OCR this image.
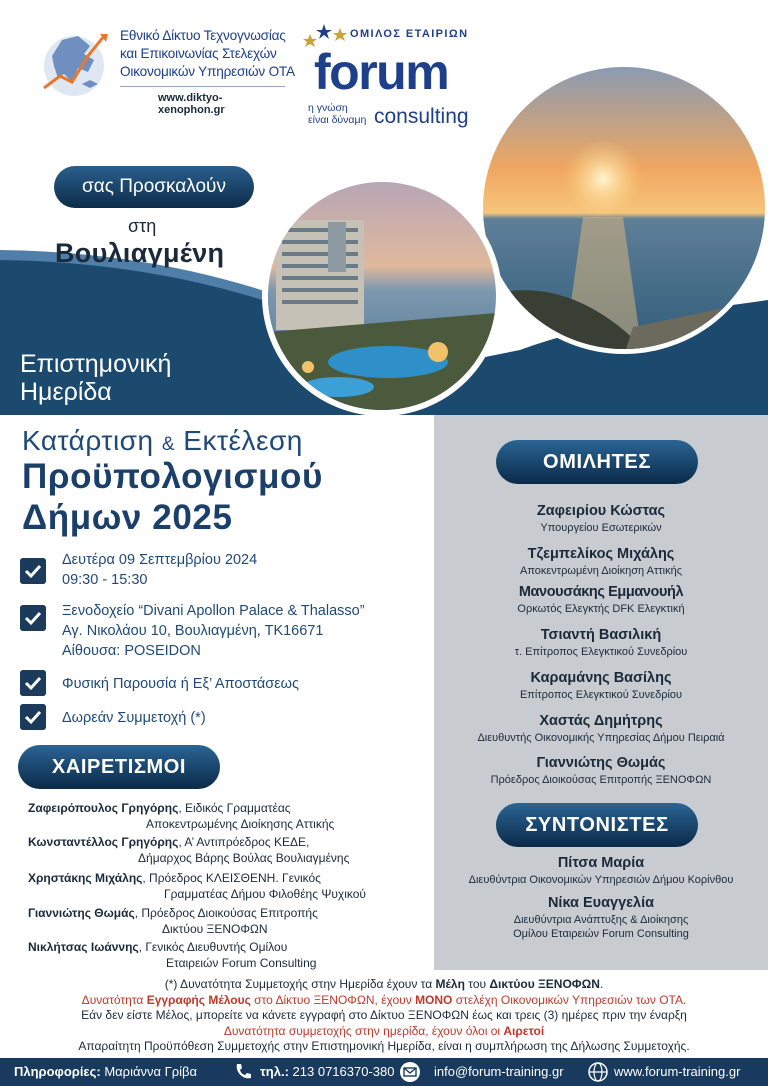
Εθνικό Δίκτυο Τεχνογνωσίας
και Επικοινωνίας Στελεχών
Οικονομικών Υπηρεσιών ΟΤΑ
www.diktyo-xenophon.gr
ΟΜΙΛΟΣ ΕΤΑΙΡΙΩΝ
forum
η γνώση
είναι δύναμη consulting
σας Προσκαλούν
στη
Βουλιαγμένη
Επιστημονική
Ημερίδα
Κατάρτιση & Εκτέλεση
Προϋπολογισμού
Δήμων 2025
Δευτέρα 09 Σεπτεμβρίου 2024
09:30 - 15:30
Ξενοδοχείο “Divani Apollon Palace & Thalasso”
Αγ. Νικολάου 10, Βουλιαγμένη, ΤΚ16671
Αίθουσα: POSEIDON
Φυσική Παρουσία ή Εξ’ Αποστάσεως
Δωρεάν Συμμετοχή (*)
ΧΑΙΡΕΤΙΣΜΟΙ
Ζαφειρόπουλος Γρηγόρης, Ειδικός Γραμματέας
Αποκεντρωμένης Διοίκησης Αττικής
Κωνσταντέλλος Γρηγόρης, Α’ Αντιπρόεδρος ΚΕΔΕ,
Δήμαρχος Βάρης Βούλας Βουλιαγμένης
Χρηστάκης Μιχάλης, Πρόεδρος ΚΛΕΙΣΘΕΝΗ. Γενικός
Γραμματέας Δήμου Φιλοθέης Ψυχικού
Γιαννιώτης Θωμάς, Πρόεδρος Διοικούσας Επιτροπής
Δικτύου ΞΕΝΟΦΩΝ
Νικλήτσας Ιωάννης, Γενικός Διευθυντής Ομίλου
Εταιρειών Forum Consulting
ΟΜΙΛΗΤΕΣ
Ζαφειρίου Κώστας
Υπουργείου Εσωτερικών
Τζεμπελίκος Μιχάλης
Αποκεντρωμένη Διοίκηση Αττικής
Μανουσάκης Εμμανουήλ
Ορκωτός Ελεγκτής DFK Ελεγκτική
Τσιαντή Βασιλική
τ. Επίτροπος Ελεγκτικού Συνεδρίου
Καραμάνης Βασίλης
Επίτροπος Ελεγκτικού Συνεδρίου
Χαστάς Δημήτρης
Διευθυντής Οικονομικής Υπηρεσίας Δήμου Πειραιά
Γιαννιώτης Θωμάς
Πρόεδρος Διοικούσας Επιτροπής ΞΕΝΟΦΩΝ
ΣΥΝΤΟΝΙΣΤΕΣ
Πίτσα Μαρία
Διευθύντρια Οικονομικών Υπηρεσιών Δήμου Κορίνθου
Νίκα Ευαγγελία
Διευθύντρια Ανάπτυξης & Διοίκησης
Ομίλου Εταιρειών Forum Consulting
(*) Δυνατότητα Συμμετοχής στην Ημερίδα έχουν τα Μέλη του Δικτύου ΞΕΝΟΦΩΝ.
Δυνατότητα Εγγραφής Μέλους στο Δίκτυο ΞΕΝΟΦΩΝ, έχουν ΜΟΝΟ στελέχη Οικονομικών Υπηρεσιών των ΟΤΑ.
Εάν δεν είστε Μέλος, μπορείτε να κάνετε εγγραφή στο Δίκτυο ΞΕΝΟΦΩΝ έως και τρεις (3) ημέρες πριν την έναρξη
Δυνατότητα συμμετοχής στην ημερίδα, έχουν όλοι οι Αιρετοί
Απαραίτητη Προϋπόθεση Συμμετοχής στην Επιστημονική Ημερίδα, είναι η συμπλήρωση της Δήλωσης Συμμετοχής.
Πληροφορίες: Μαριάννα Γρίβα	τηλ.: 213 0716370-380	info@forum-training.gr	www.forum-training.gr
